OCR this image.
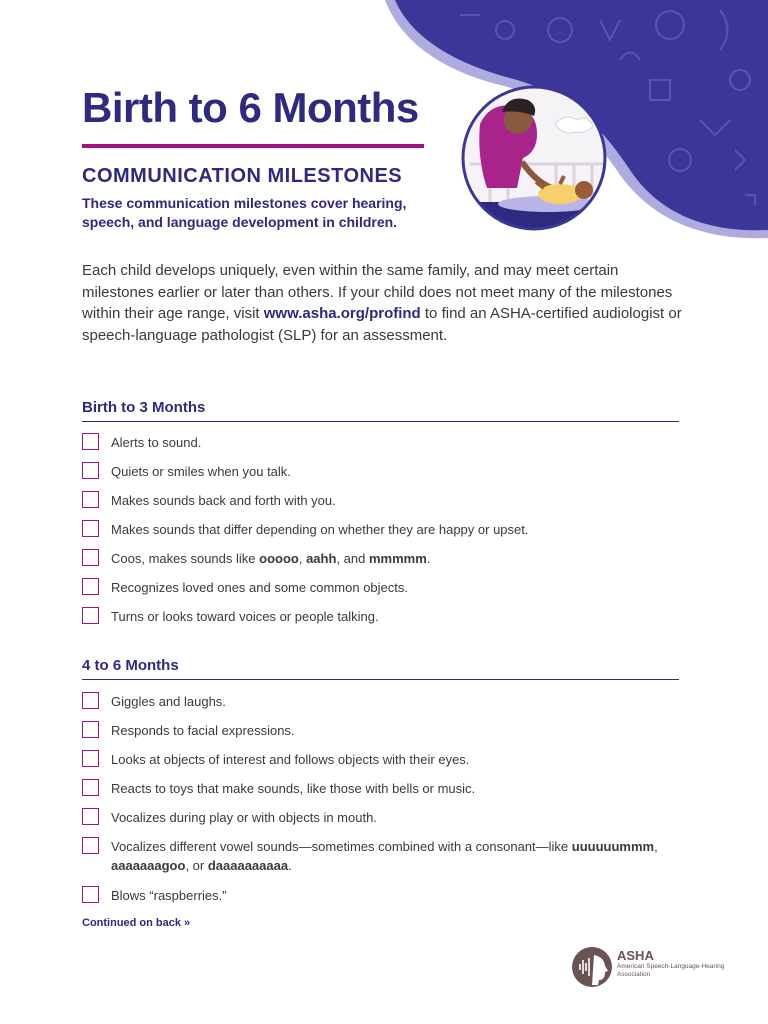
Birth to 6 Months
COMMUNICATION MILESTONES

These communication milestones cover hearing, speech, and language development in children.

Each child develops uniquely, even within the same family, and may meet certain milestones earlier or later than others. If your child does not meet many of the milestones within their age range, visit www.asha.org/profind to find an ASHA-certified audiologist or speech-language pathologist (SLP) for an assessment.

Birth to 3 Months
Alerts to sound.
Quiets or smiles when you talk.
Makes sounds back and forth with you.
Makes sounds that differ depending on whether they are happy or upset.
Coos, makes sounds like ooooo, aahh, and mmmmm.
Recognizes loved ones and some common objects.
Turns or looks toward voices or people talking.
4 to 6 Months
Giggles and laughs.
Responds to facial expressions.
Looks at objects of interest and follows objects with their eyes.
Reacts to toys that make sounds, like those with bells or music.
Vocalizes during play or with objects in mouth.
Vocalizes different vowel sounds—sometimes combined with a consonant—like uuuuuummm, aaaaaaagoo, or daaaaaaaaaa.
Blows “raspberries.”

Continued on back »

ASHA

American Speech-Language-Hearing Association
